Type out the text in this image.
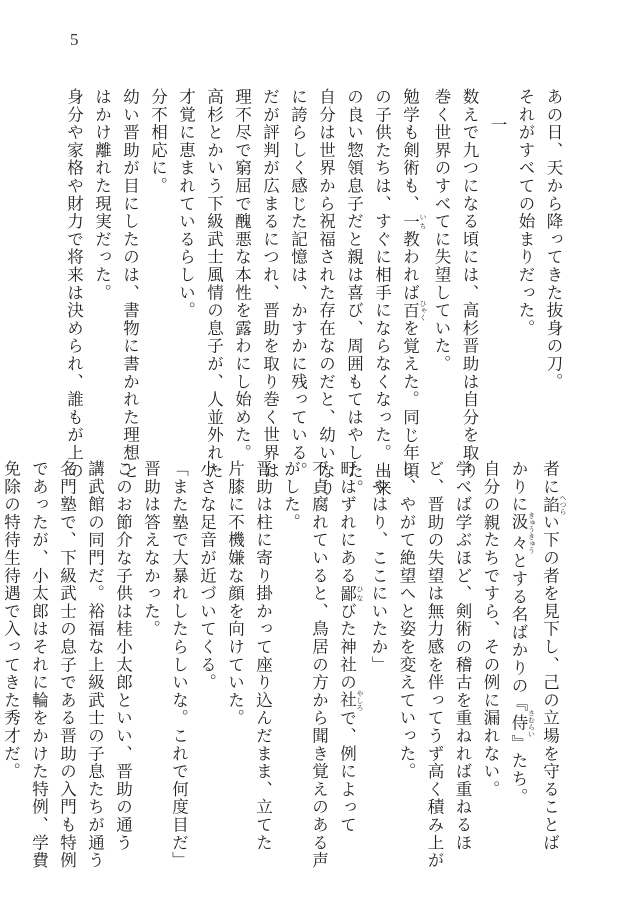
5
あの日、天から降ってきた抜身の刀。
それがすべての始まりだった。
一
数えで九つになる頃には、高杉晋助は自分を取り
巻く世界のすべてに失望していた。
勉学も剣術も、一 いち教われば百 ひゃくを覚えた。同じ年頃
の子供たちは、すぐに相手にならなくなった。出来
の良い惣領息子だと親は喜び、周囲もてはやした。
自分は世界から祝福された存在なのだと、幼いなり
に誇らしく感じた記憶は、かすかに残っている。
だが評判が広まるにつれ、晋助を取り巻く世界は
理不尽で窮屈で醜悪な本性を露わにし始めた。
高杉とかいう下級武士風情の息子が、人並外れた
才覚に恵まれているらしい。
分不相応に。
幼い晋助が目にしたのは、書物に書かれた理想と
はかけ離れた現実だった。
身分や家格や財力で将来は決められ、誰もが上の	者に諂 へつらい下の者を見下し、己の立場を守ることば
かりに汲々 きゅうきゅうとする名ばかりの『侍 さむらい』たち。
自分の親たちですら、その例に漏れない。
学べば学ぶほど、剣術の稽古を重ねれば重ねるほ
ど、晋助の失望は無力感を伴ってうず高く積み上が
り、やがて絶望へと姿を変えていった。
「やはり、ここにいたか」
町はずれにある鄙 ひなびた神社の社 やしろで、例によって
不貞腐れていると、鳥居の方から聞き覚えのある声
がした。
晋助は柱に寄り掛かって座り込んだまま、立てた
片膝に不機嫌な顔を向けていた。
小さな足音が近づいてくる。
「また塾で大暴れしたらしいな。これで何度目だ」
晋助は答えなかった。
このお節介な子供は桂小太郎といい、晋助の通う
講武館の同門だ。裕福な上級武士の子息たちが通う
名門塾で、下級武士の息子である晋助の入門も特例
であったが、小太郎はそれに輪をかけた特例、学費
免除の特待生待遇で入ってきた秀才だ。
